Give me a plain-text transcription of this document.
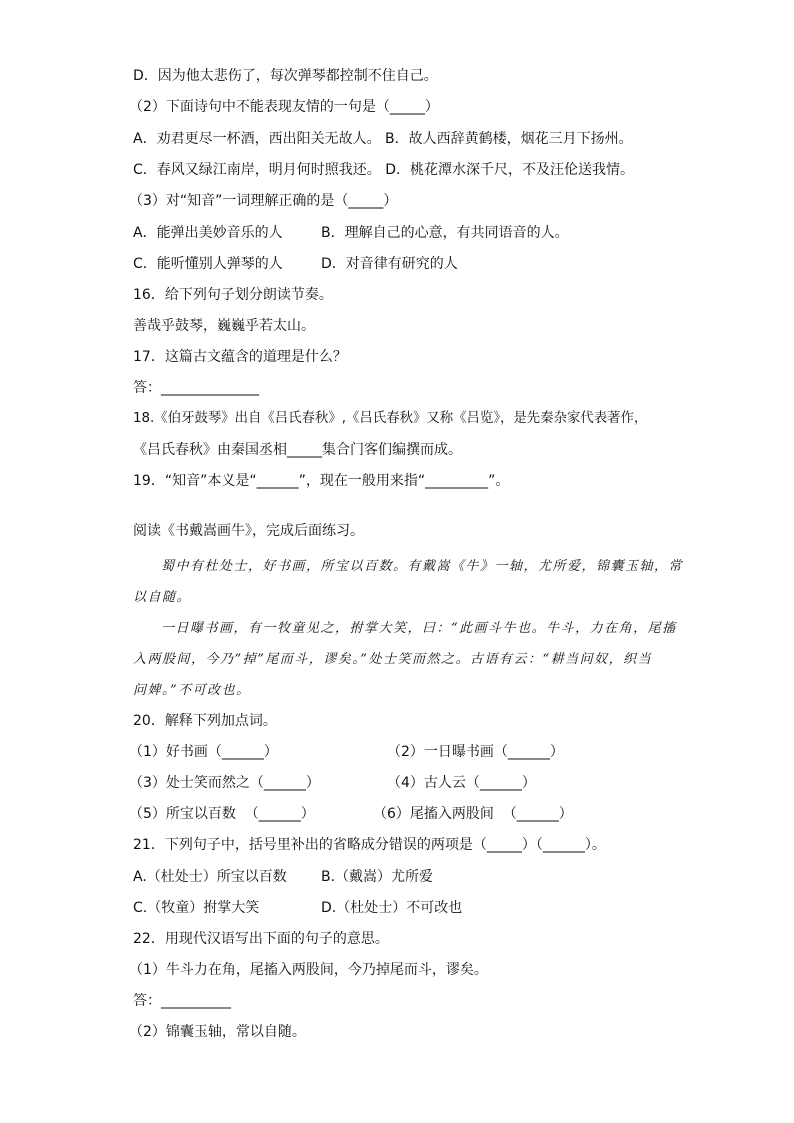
D．因为他太悲伤了，每次弹琴都控制不住自己。
（2）下面诗句中不能表现友情的一句是（_____）
A．劝君更尽一杯酒，西出阳关无故人。 B．故人西辞黄鹤楼，烟花三月下扬州。
C．春风又绿江南岸，明月何时照我还。 D．桃花潭水深千尺，不及汪伦送我情。
（3）对“知音”一词理解正确的是（_____）
A．能弹出美妙音乐的人	B．理解自己的心意，有共同语音的人。
C．能听懂别人弹琴的人	D．对音律有研究的人
16．给下列句子划分朗读节奏。
善哉乎鼓琴，巍巍乎若太山。
17．这篇古文蕴含的道理是什么？
答：______________
18.《伯牙鼓琴》出自《吕氏春秋》,《吕氏春秋》又称《吕览》，是先秦杂家代表著作，
《吕氏春秋》由秦国丞相_____集合门客们编撰而成。
19．“知音”本义是“______”，现在一般用来指“_________”。
阅读《书戴嵩画牛》，完成后面练习。
蜀中有杜处士，好书画，所宝以百数。有戴嵩《牛》一轴，尤所爱，锦囊玉轴，常
以自随。
一日曝书画，有一牧童见之，拊掌大笑，曰：“此画斗牛也。牛斗，力在角，尾搐
入两股间，今乃”掉”尾而斗，谬矣。”处士笑而然之。古语有云：“耕当问奴，织当
问婢。”不可改也。
20．解释下列加点词。
（1）好书画（______）	（2）一日曝书画（______）
（3）处士笑而然之（______）	（4）古人云（______）
（5）所宝以百数  （______）	（6）尾搐入两股间  （______）
21．下列句子中，括号里补出的省略成分错误的两项是（_____）（______）。
A.（杜处士）所宝以百数 B.（戴嵩）尤所爱
C.（牧童）拊掌大笑	D.（杜处士）不可改也
22．用现代汉语写出下面的句子的意思。
（1）牛斗力在角，尾搐入两股间，今乃掉尾而斗，谬矣。
答：__________
（2）锦囊玉轴，常以自随。
